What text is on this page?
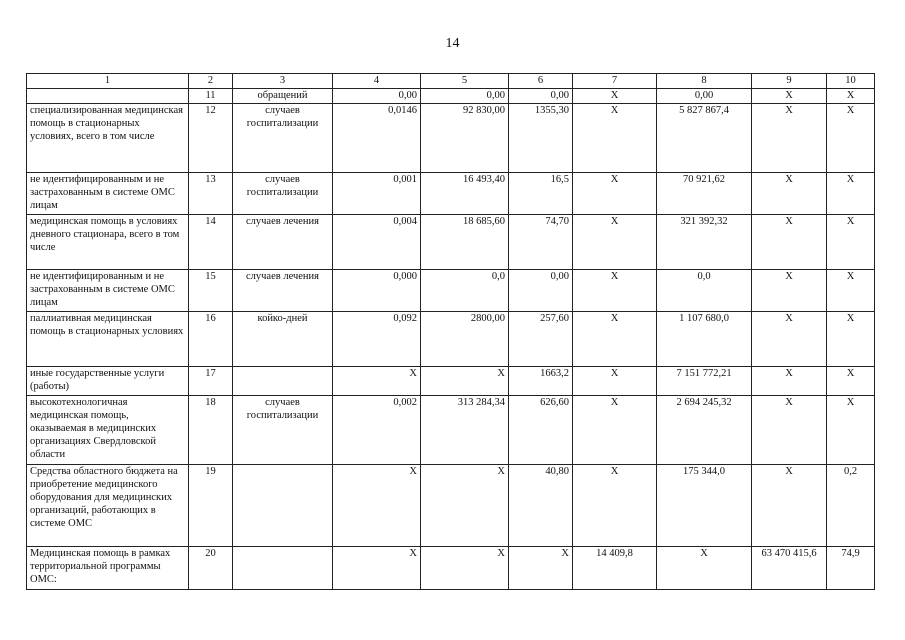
14
1	2	3	4	5	6	7	8	9	10
	11	обращений	0,00	0,00	0,00	X	0,00	X	X
специализированная медицинская помощь в стационарных условиях, всего в том числе	12	случаев госпитализации	0,0146	92 830,00	1355,30	X	5 827 867,4	X	X
не идентифицированным и не застрахованным в системе ОМС лицам	13	случаев госпитализации	0,001	16 493,40	16,5	X	70 921,62	X	X
медицинская помощь в условиях дневного стационара, всего в том числе	14	случаев лечения	0,004	18 685,60	74,70	X	321 392,32	X	X
не идентифицированным и не застрахованным в системе ОМС лицам	15	случаев лечения	0,000	0,0	0,00	X	0,0	X	X
паллиативная медицинская помощь в стационарных условиях	16	койко-дней	0,092	2800,00	257,60	X	1 107 680,0	X	X
иные государственные услуги (работы)	17		X	X	1663,2	X	7 151 772,21	X	X
высокотехнологичная медицинская помощь, оказываемая в медицинских организациях Свердловской области	18	случаев госпитализации	0,002	313 284,34	626,60	X	2 694 245,32	X	X
Средства областного бюджета на приобретение медицинского оборудования для медицинских организаций, работающих в системе ОМС	19		X	X	40,80	X	175 344,0	X	0,2
Медицинская помощь в рамках территориальной программы ОМС:	20		X	X	X	14 409,8	X	63 470 415,6	74,9
